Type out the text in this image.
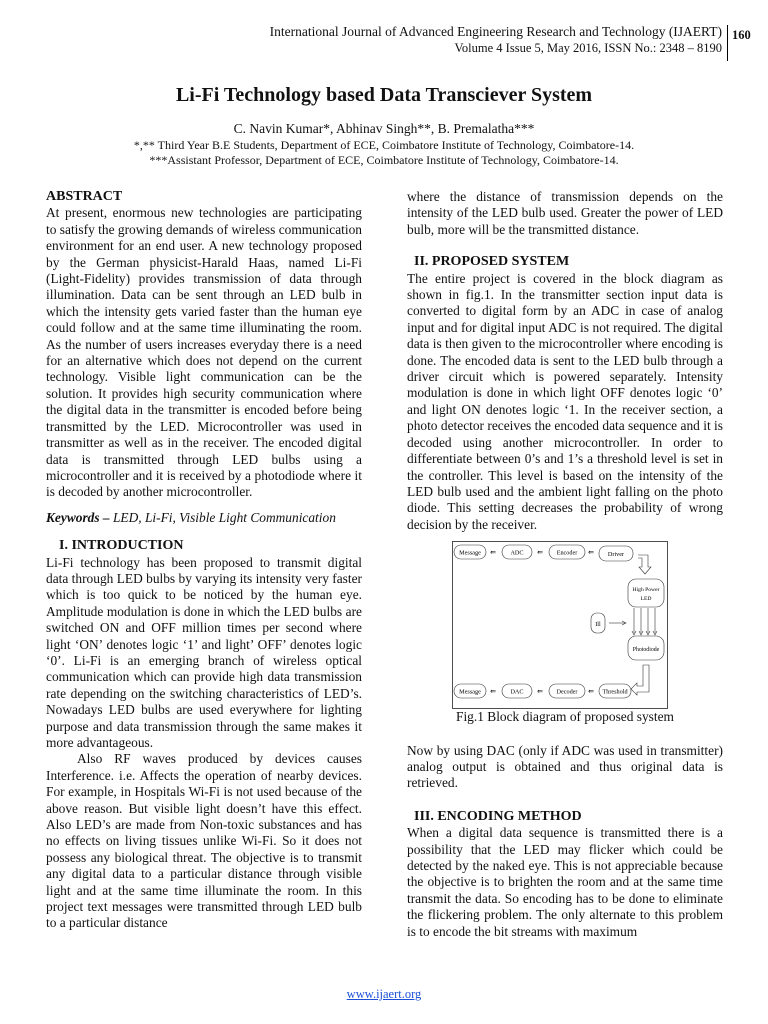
International Journal of Advanced Engineering Research and Technology (IJAERT)
Volume 4 Issue 5, May 2016, ISSN No.: 2348 – 8190
160
Li-Fi Technology based Data Transciever System
C. Navin Kumar*, Abhinav Singh**, B. Premalatha***
*,** Third Year B.E Students, Department of ECE, Coimbatore Institute of Technology, Coimbatore-14.
***Assistant Professor, Department of ECE, Coimbatore Institute of Technology, Coimbatore-14.

ABSTRACT

At present, enormous new technologies are participating to satisfy the growing demands of wireless communication environment for an end user. A new technology proposed by the German physicist-Harald Haas, named Li-Fi (Light-Fidelity) provides transmission of data through illumination. Data can be sent through an LED bulb in which the intensity gets varied faster than the human eye could follow and at the same time illuminating the room. As the number of users increases everyday there is a need for an alternative which does not depend on the current technology. Visible light communication can be the solution. It provides high security communication where the digital data in the transmitter is encoded before being transmitted by the LED. Microcontroller was used in transmitter as well as in the receiver. The encoded digital data is transmitted through LED bulbs using a microcontroller and it is received by a photodiode where it is decoded by another microcontroller.

Keywords – LED, Li-Fi, Visible Light Communication

I. INTRODUCTION

Li-Fi technology has been proposed to transmit digital data through LED bulbs by varying its intensity very faster which is too quick to be noticed by the human eye. Amplitude modulation is done in which the LED bulbs are switched ON and OFF million times per second where light ‘ON’ denotes logic ‘1’ and light’ OFF’ denotes logic ‘0’. Li-Fi is an emerging branch of wireless optical communication which can provide high data transmission rate depending on the switching characteristics of LED’s. Nowadays LED bulbs are used everywhere for lighting purpose and data transmission through the same makes it more advantageous.

Also RF waves produced by devices causes Interference. i.e. Affects the operation of nearby devices. For example, in Hospitals Wi-Fi is not used because of the above reason. But visible light doesn’t have this effect. Also LED’s are made from Non-toxic substances and has no effects on living tissues unlike Wi-Fi. So it does not possess any biological threat. The objective is to transmit any digital data to a particular distance through visible light and at the same time illuminate the room. In this project text messages were transmitted through LED bulb to a particular distance

where the distance of transmission depends on the intensity of the LED bulb used. Greater the power of LED bulb, more will be the transmitted distance.

II. PROPOSED SYSTEM

The entire project is covered in the block diagram as shown in fig.1. In the transmitter section input data is converted to digital form by an ADC in case of analog input and for digital input ADC is not required. The digital data is then given to the microcontroller where encoding is done. The encoded data is sent to the LED bulb through a driver circuit which is powered separately. Intensity modulation is done in which light OFF denotes logic ‘0’ and light ON denotes logic ‘1. In the receiver section, a photo detector receives the encoded data sequence and it is decoded using another microcontroller. In order to differentiate between 0’s and 1’s a threshold level is set in the controller. This level is based on the intensity of the LED bulb used and the ambient light falling on the photo diode. This setting decreases the probability of wrong decision by the receiver.

Message ⇐ ADC ⇐ Encoder ⇐ Driver
High Power
LED
Ill
Photodiode
Message ⇐ DAC ⇐ Decoder ⇐ Threshold

Fig.1 Block diagram of proposed system

Now by using DAC (only if ADC was used in transmitter) analog output is obtained and thus original data is retrieved.

III. ENCODING METHOD

When a digital data sequence is transmitted there is a possibility that the LED may flicker which could be detected by the naked eye. This is not appreciable because the objective is to brighten the room and at the same time transmit the data. So encoding has to be done to eliminate the flickering problem. The only alternate to this problem is to encode the bit streams with maximum

www.ijaert.org
